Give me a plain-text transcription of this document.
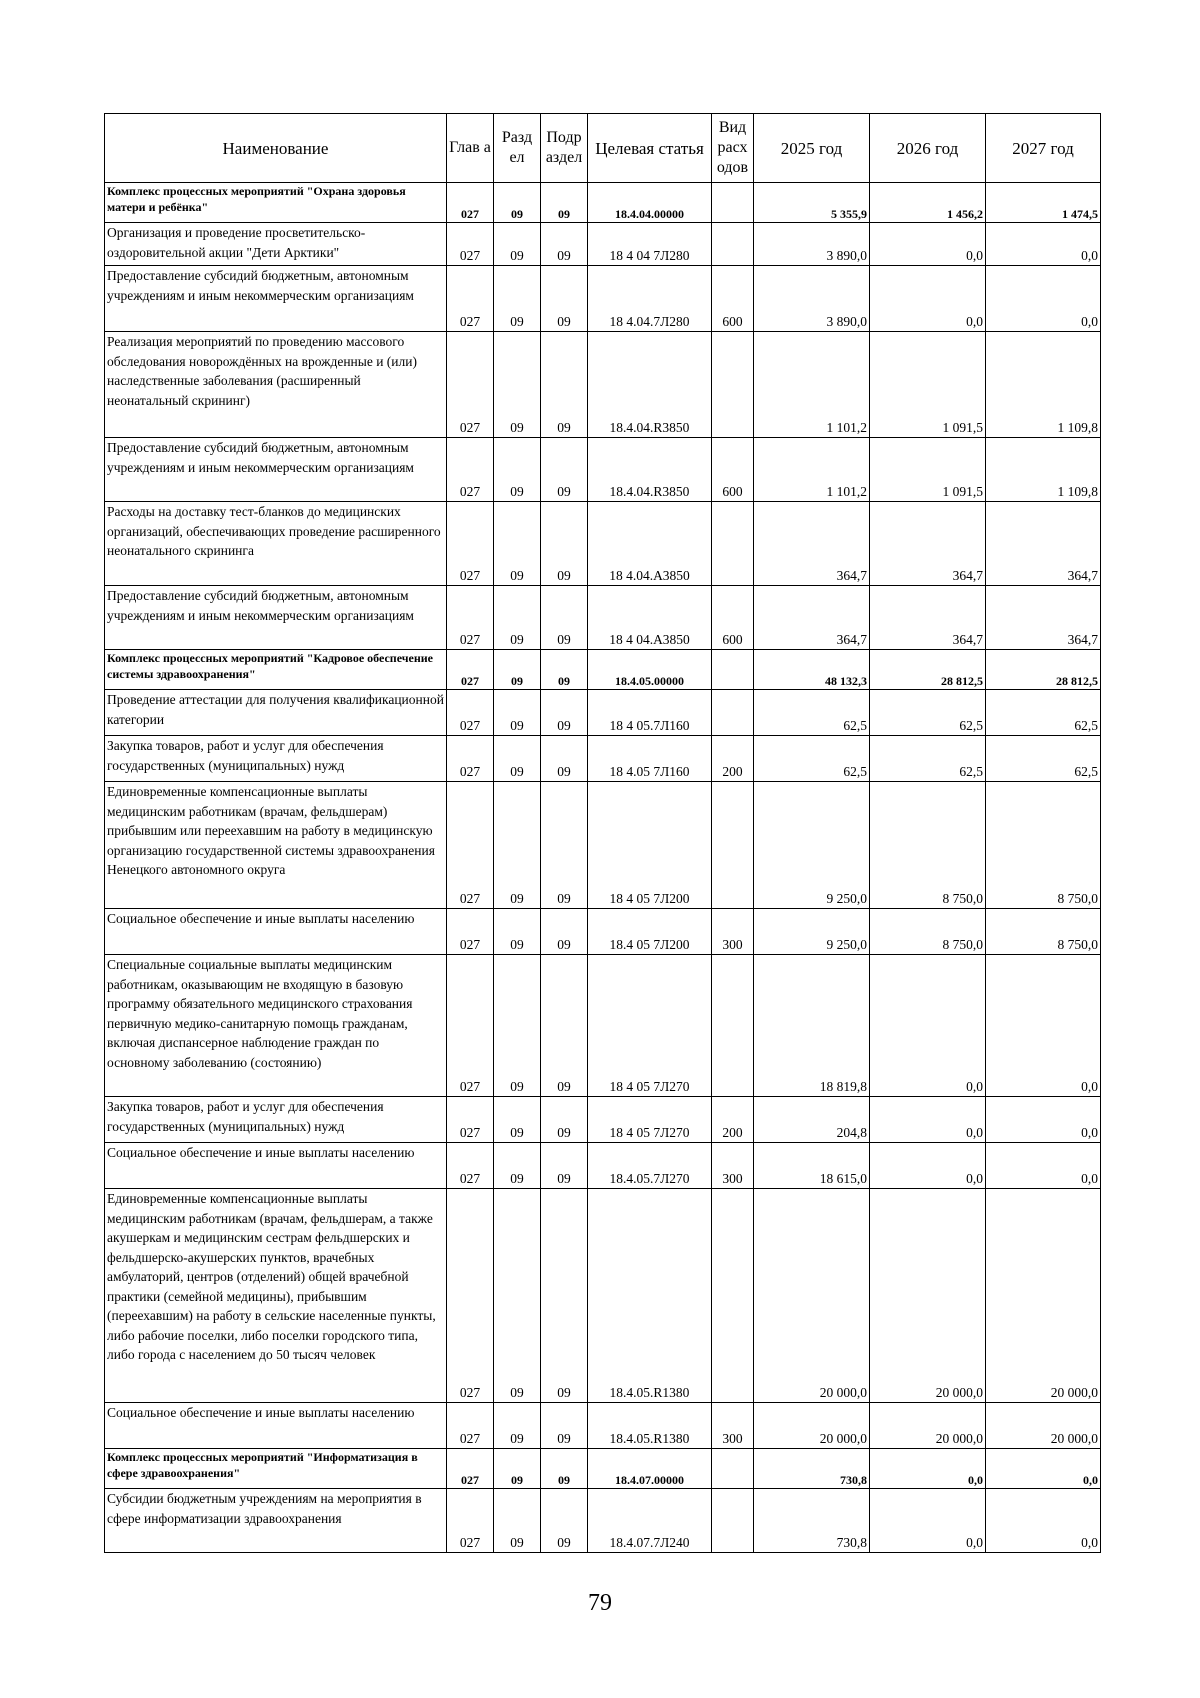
Наименование	Глав а	Разд ел	Подр аздел	Целевая статья	Вид расх одов	2025 год	2026 год	2027 год
Комплекс процессных мероприятий "Охрана здоровья матери и ребёнка"	027	09	09	18.4.04.00000		5 355,9	1 456,2	1 474,5
Организация и проведение просветительско-оздоровительной акции "Дети Арктики"	027	09	09	18 4 04 7Л280		3 890,0	0,0	0,0
Предоставление субсидий бюджетным, автономным учреждениям и иным некоммерческим организациям	027	09	09	18 4.04.7Л280	600	3 890,0	0,0	0,0
Реализация мероприятий по проведению массового обследования новорождённых на врожденные и (или) наследственные заболевания (расширенный неонатальный скрининг)	027	09	09	18.4.04.R3850		1 101,2	1 091,5	1 109,8
Предоставление субсидий бюджетным, автономным учреждениям и иным некоммерческим организациям	027	09	09	18.4.04.R3850	600	1 101,2	1 091,5	1 109,8
Расходы на доставку тест-бланков до медицинских организаций, обеспечивающих проведение расширенного неонатального скрининга	027	09	09	18 4.04.А3850		364,7	364,7	364,7
Предоставление субсидий бюджетным, автономным учреждениям и иным некоммерческим организациям	027	09	09	18 4 04.А3850	600	364,7	364,7	364,7
Комплекс процессных мероприятий "Кадровое обеспечение системы здравоохранения"	027	09	09	18.4.05.00000		48 132,3	28 812,5	28 812,5
Проведение аттестации для получения квалификационной категории	027	09	09	18 4 05.7Л160		62,5	62,5	62,5
Закупка товаров, работ и услуг для обеспечения государственных (муниципальных) нужд	027	09	09	18 4.05 7Л160	200	62,5	62,5	62,5
Единовременные компенсационные выплаты медицинским работникам (врачам, фельдшерам) прибывшим или переехавшим на работу в медицинскую организацию государственной системы здравоохранения Ненецкого автономного округа	027	09	09	18 4 05 7Л200		9 250,0	8 750,0	8 750,0
Социальное обеспечение и иные выплаты населению	027	09	09	18.4 05 7Л200	300	9 250,0	8 750,0	8 750,0
Специальные социальные выплаты медицинским работникам, оказывающим не входящую в базовую программу обязательного медицинского страхования первичную медико-санитарную помощь гражданам, включая диспансерное наблюдение граждан по основному заболеванию (состоянию)	027	09	09	18 4 05 7Л270		18 819,8	0,0	0,0
Закупка товаров, работ и услуг для обеспечения государственных (муниципальных) нужд	027	09	09	18 4 05 7Л270	200	204,8	0,0	0,0
Социальное обеспечение и иные выплаты населению	027	09	09	18.4.05.7Л270	300	18 615,0	0,0	0,0
Единовременные компенсационные выплаты медицинским работникам (врачам, фельдшерам, а также акушеркам и медицинским сестрам фельдшерских и фельдшерско-акушерских пунктов, врачебных амбулаторий, центров (отделений) общей врачебной практики (семейной медицины), прибывшим (переехавшим) на работу в сельские населенные пункты, либо рабочие поселки, либо поселки городского типа, либо города с населением до 50 тысяч человек	027	09	09	18.4.05.R1380		20 000,0	20 000,0	20 000,0
Социальное обеспечение и иные выплаты населению	027	09	09	18.4.05.R1380	300	20 000,0	20 000,0	20 000,0
Комплекс процессных мероприятий "Информатизация в сфере здравоохранения"	027	09	09	18.4.07.00000		730,8	0,0	0,0
Субсидии бюджетным учреждениям на мероприятия в сфере информатизации здравоохранения	027	09	09	18.4.07.7Л240		730,8	0,0	0,0
79
